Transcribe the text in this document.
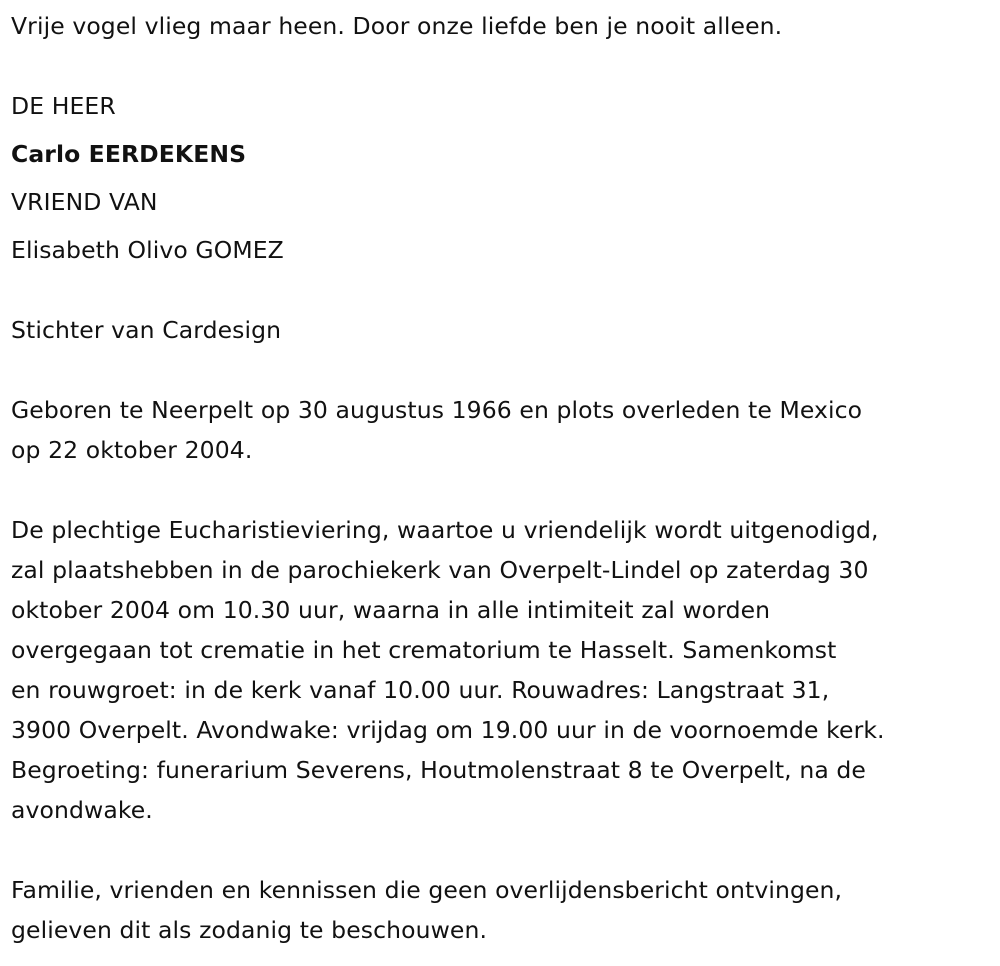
Vrije vogel vlieg maar heen. Door onze liefde ben je nooit alleen.
DE HEER
Carlo EERDEKENS
VRIEND VAN
Elisabeth Olivo GOMEZ
Stichter van Cardesign
Geboren te Neerpelt op 30 augustus 1966 en plots overleden te Mexico
op 22 oktober 2004.
De plechtige Eucharistieviering, waartoe u vriendelijk wordt uitgenodigd,
zal plaatshebben in de parochiekerk van Overpelt-Lindel op zaterdag 30
oktober 2004 om 10.30 uur, waarna in alle intimiteit zal worden
overgegaan tot crematie in het crematorium te Hasselt. Samenkomst
en rouwgroet: in de kerk vanaf 10.00 uur. Rouwadres: Langstraat 31,
3900 Overpelt. Avondwake: vrijdag om 19.00 uur in de voornoemde kerk.
Begroeting: funerarium Severens, Houtmolenstraat 8 te Overpelt, na de
avondwake.
Familie, vrienden en kennissen die geen overlijdensbericht ontvingen,
gelieven dit als zodanig te beschouwen.
